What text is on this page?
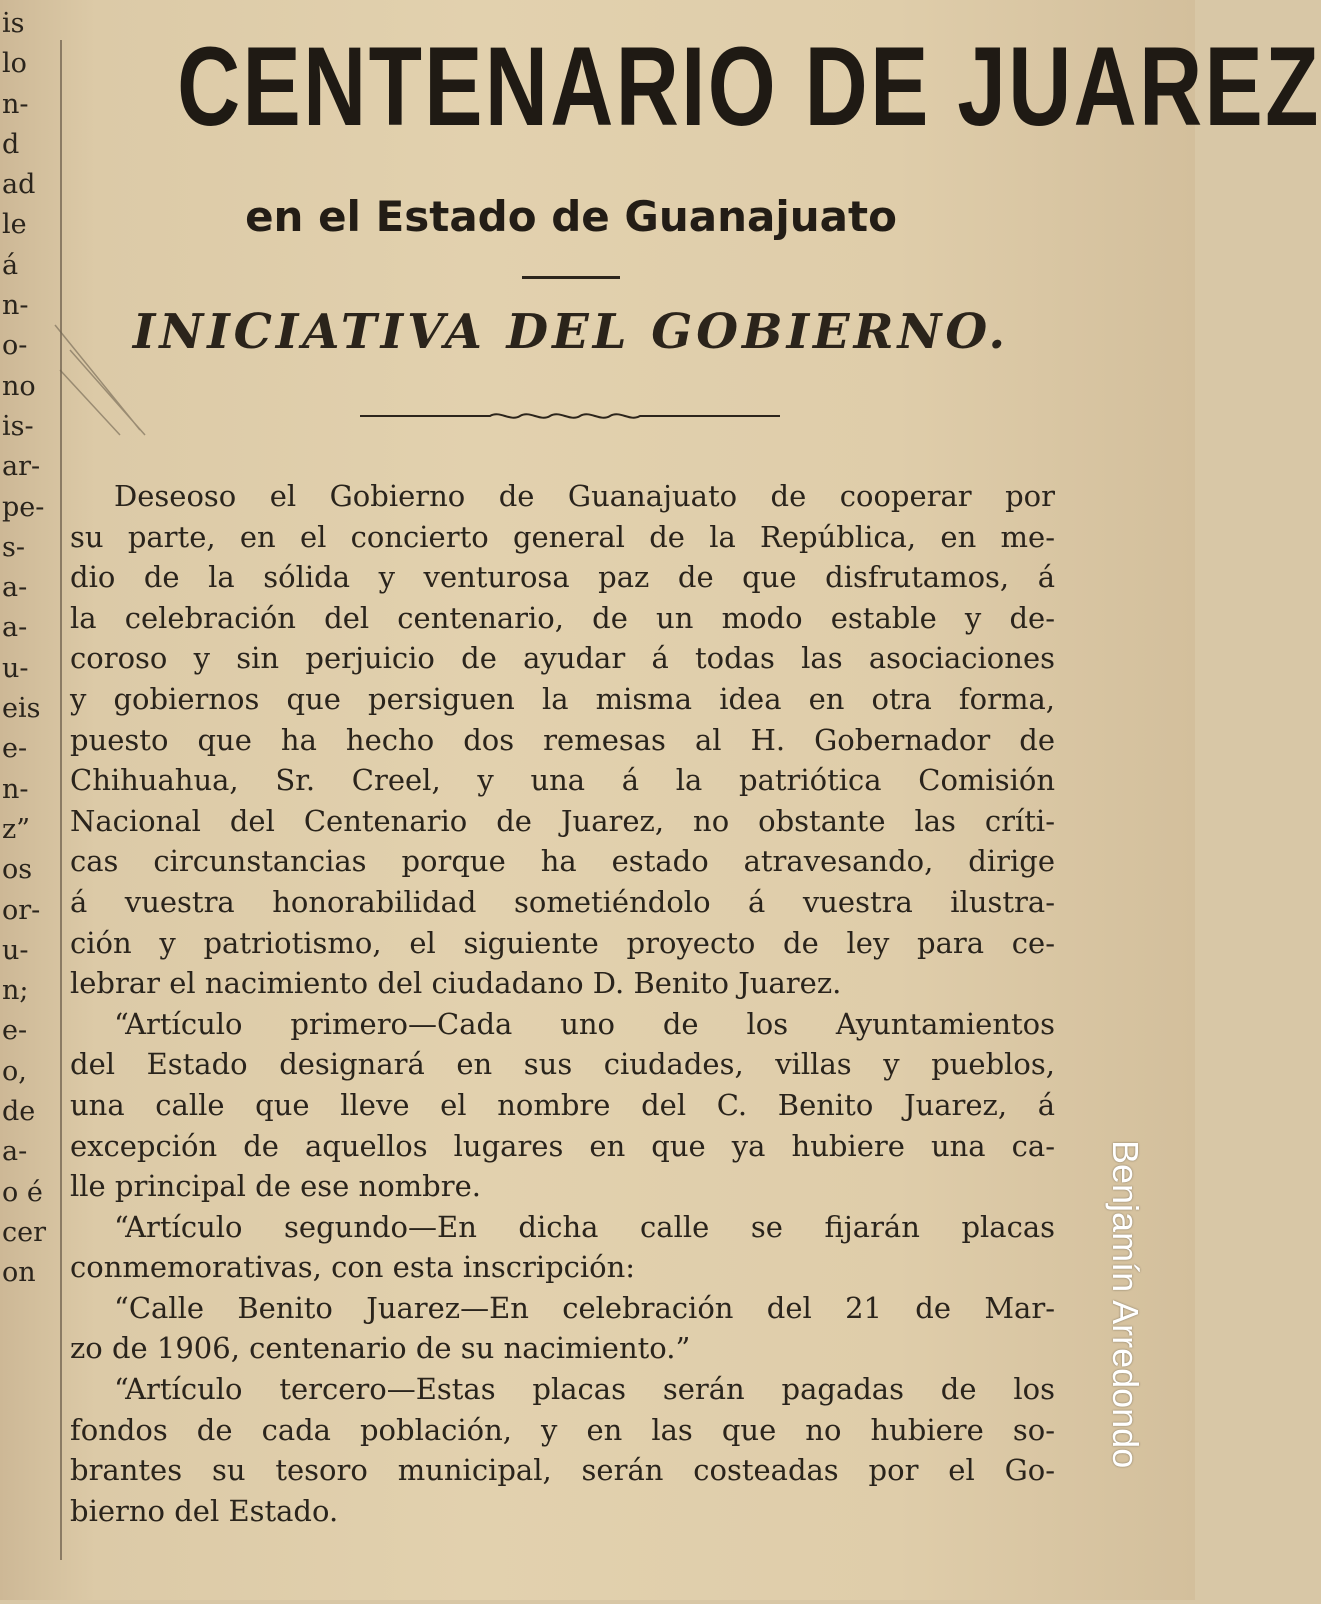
is
lo
n-
d
ad
le
á
n-
o-
no
is-
ar-
pe-
s-
a-
a-
u-
eis
e-
n-
z”
os
or-
u-
n;
e-
o,
de
a-
o é
cer
on
CENTENARIO DE JUAREZ
en el Estado de Guanajuato
INICIATIVA DEL GOBIERNO.
Deseoso el Gobierno de Guanajuato de cooperar por
su parte, en el concierto general de la República, en me-
dio de la sólida y venturosa paz de que disfrutamos, á
la celebración del centenario, de un modo estable y de-
coroso y sin perjuicio de ayudar á todas las asociaciones
y gobiernos que persiguen la misma idea en otra forma,
puesto que ha hecho dos remesas al H. Gobernador de
Chihuahua, Sr. Creel, y una á la patriótica Comisión
Nacional del Centenario de Juarez, no obstante las críti-
cas circunstancias porque ha estado atravesando, dirige
á vuestra honorabilidad sometiéndolo á vuestra ilustra-
ción y patriotismo, el siguiente proyecto de ley para ce-
lebrar el nacimiento del ciudadano D. Benito Juarez.
“Artículo primero—Cada uno de los Ayuntamientos
del Estado designará en sus ciudades, villas y pueblos,
una calle que lleve el nombre del C. Benito Juarez, á
excepción de aquellos lugares en que ya hubiere una ca-
lle principal de ese nombre.
“Artículo segundo—En dicha calle se fijarán placas
conmemorativas, con esta inscripción:
“Calle Benito Juarez—En celebración del 21 de Mar-
zo de 1906, centenario de su nacimiento.”
“Artículo tercero—Estas placas serán pagadas de los
fondos de cada población, y en las que no hubiere so-
brantes su tesoro municipal, serán costeadas por el Go-
bierno del Estado.
Benjamín Arredondo
